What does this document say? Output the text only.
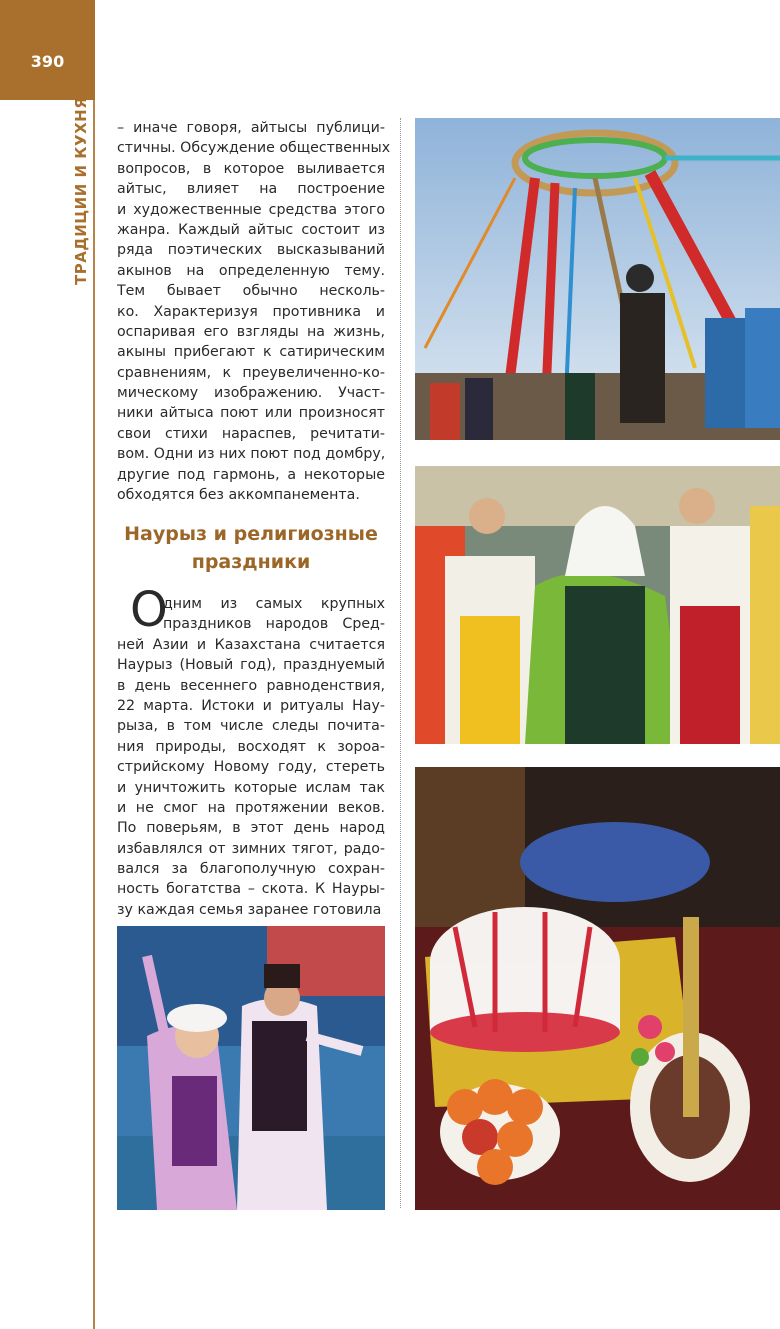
390
ТРАДИЦИИ И КУХНЯ – иначе говоря, айтысы публици-
стичны. Обсуждение общественных
вопросов, в которое выливается
айтыс, влияет на построение
и художественные средства этого
жанра. Каждый айтыс состоит из
ряда поэтических высказываний
акынов на определенную тему.
Тем бывает обычно несколь-
ко. Характеризуя противника и
оспаривая его взгляды на жизнь,
акыны прибегают к сатирическим
сравнениям, к преувеличенно-ко-
мическому изображению. Участ-
ники айтыса поют или произносят
свои стихи нараспев, речитати-
вом. Одни из них поют под домбру,
другие под гармонь, а некоторые
обходятся без аккомпанемента.
Наурыз и религиозные
праздники
О
дним из самых крупных
праздников народов Сред-
ней Азии и Казахстана считается
Наурыз (Новый год), празднуемый
в день весеннего равноденствия,
22 марта. Истоки и ритуалы Нау-
рыза, в том числе следы почита-
ния природы, восходят к зороа-
стрийскому Новому году, стереть
и уничтожить которые ислам так
и не смог на протяжении веков.
По поверьям, в этот день народ
избавлялся от зимних тягот, радо-
вался за благополучную сохран-
ность богатства – скота. К Науры-
зу каждая семья заранее готовила
